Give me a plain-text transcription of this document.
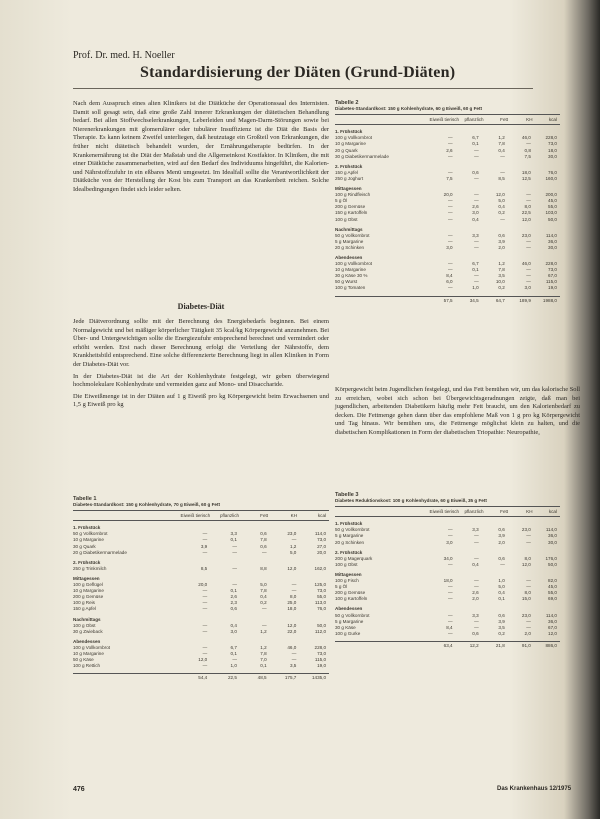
Prof. Dr. med. H. Noeller
Standardisierung der Diäten (Grund-Diäten)

Nach dem Ausspruch eines alten Klinikers ist die Diätküche der Operationssaal des Internisten. Damit soll gesagt sein, daß eine große Zahl innerer Erkrankungen der diätetischen Behandlung bedarf. Bei allen Stoffwechselerkrankungen, Leberleiden und Magen-Darm-Störungen sowie bei Nierenerkrankungen mit glomerulärer oder tubulärer Insuffizienz ist die Diät die Basis der Therapie. Es kann keinem Zweifel unterliegen, daß heutzutage ein Großteil von Erkrankungen, die früher nicht diätetisch behandelt wurden, der Ernährungstherapie bedürfen. In der Krankenernährung ist die Diät der Maßstab und die Allgemeinkost Kostfaktor. In Kliniken, die mit einer Diätküche zusammenarbeiten, wird auf den Bedarf des Individuums hingeführt, die Kalorien- und Nährstoffzufuhr in ein eßbares Menü umgesetzt. Im Idealfall sollte die Verantwortlichkeit der Diätküche von der Herstellung der Kost bis zum Transport an das Krankenbett reichen. Solche Idealbedingungen findet sich leider selten.

Diabetes-Diät

Jede Diätverordnung sollte mit der Berechnung des Energiebedarfs beginnen. Bei einem Normalgewicht und bei mäßiger körperlicher Tätigkeit 35 kcal/kg Körpergewicht anzunehmen. Bei Über- und Untergewichtigen sollte die Energiezufuhr entsprechend berechnet und vermindert oder erhöht werden. Erst nach dieser Berechnung erfolgt die Verteilung der Nährstoffe, dem Krankheitsbild entsprechend. Eine solche differenzierte Berechnung liegt in allen Kliniken in Form der Diabetes-Diät vor.

In der Diabetes-Diät ist die Art der Kohlenhydrate festgelegt, wir geben überwiegend hochmolekulare Kohlenhydrate und vermeiden ganz auf Mono- und Disaccharide.

Die Eiweißmenge ist in der Diäten auf 1 g Eiweiß pro kg Körpergewicht beim Erwachsenen und 1,5 g Eiweiß pro kg

Körpergewicht beim Jugendlichen festgelegt, und das Fett bemühen wir, um das kalorische Soll zu erreichen, wobei sich schon bei Übergewichtsgeradnungen zeigte, daß man bei jugendlichen, arbeitenden Diabetikern häufig mehr Fett braucht, um den Kalorienbedarf zu decken. Die Fettmenge gehen dann über das empfohlene Maß von 1 g pro kg Körpergewicht und Tag hinaus. Wir bemühen uns, die Fettmenge möglichst klein zu halten, und die diabetischen Komplikationen in Form der diabetischen Triopathie: Neuropathie,
Tabelle 2
Diabetes-Standardkost: 150 g Kohlenhydrate, 60 g Eiweiß, 60 g Fett
Eiweiß tierisch	pflanzlich	Fett	KH	kcal
1. Frühstück
100 g Vollkornbrot	—	6,7	1,2	46,0	228,0
10 g Margarine	—	0,1	7,8	—	73,0
20 g Quark	2,6	—	0,4	0,8	18,0
30 g Diabetikermarmelade	—	—	—	7,5	30,0
2. Frühstück
150 g Apfel	—	0,6	—	18,0	76,0
250 g Joghurt	7,5	—	8,5	12,5	160,0
Mittagessen
100 g Rindfleisch	20,0	—	12,0	—	200,0
5 g Öl	—	—	5,0	—	45,0
200 g Gemüse	—	2,6	0,4	8,0	55,0
150 g Kartoffeln	—	3,0	0,2	22,5	103,0
100 g Obst	—	0,4	—	12,0	50,0
Nachmittags
50 g Vollkornbrot	—	3,3	0,6	23,0	114,0
5 g Margarine	—	—	3,9	—	36,0
20 g Schinken	3,0	—	2,0	—	30,0
Abendessen
100 g Vollkornbrot	—	6,7	1,2	46,0	228,0
10 g Margarine	—	0,1	7,8	—	73,0
30 g Käse 30 %	8,4	—	3,5	—	67,0
50 g Wurst	6,0	—	10,0	—	115,0
100 g Tomaten	—	1,0	0,2	3,0	19,0
57,5	34,5	64,7	189,9	1988,0
Tabelle 1
Diabetes-Standardkost: 150 g Kohlenhydrate, 70 g Eiweiß, 60 g Fett
Eiweiß tierisch	pflanzlich	Fett	KH	kcal
1. Frühstück
50 g Vollkornbrot	—	3,3	0,6	23,0	114,0
10 g Margarine	—	0,1	7,8	—	73,0
30 g Quark	3,9	—	0,6	1,2	27,0
20 g Diabetikermarmelade	—	—	—	5,0	20,0
2. Frühstück
250 g Trinkmilch	8,5	—	8,8	12,0	162,0
Mittagessen
100 g Geflügel	20,0	—	5,0	—	125,0
10 g Margarine	—	0,1	7,8	—	73,0
200 g Gemüse	—	2,6	0,4	8,0	55,0
100 g Reis	—	2,3	0,2	25,0	113,0
150 g Apfel	—	0,6	—	18,0	76,0
Nachmittags
100 g Obst	—	0,4	—	12,0	50,0
30 g Zwieback	—	3,0	1,2	22,0	112,0
Abendessen
100 g Vollkornbrot	—	6,7	1,2	46,0	228,0
10 g Margarine	—	0,1	7,8	—	73,0
50 g Käse	12,0	—	7,0	—	115,0
100 g Rettich	—	1,0	0,1	3,5	19,0
54,4	22,5	48,5	175,7	1435,0
Tabelle 3
Diabetes Reduktionskost: 100 g Kohlenhydrate, 60 g Eiweiß, 35 g Fett
Eiweiß tierisch	pflanzlich	Fett	KH	kcal
1. Frühstück
50 g Vollkornbrot	—	3,3	0,6	23,0	114,0
5 g Margarine	—	—	3,9	—	36,0
20 g Schinken	3,0	—	2,0	—	30,0
2. Frühstück
200 g Magerquark	34,0	—	0,6	8,0	176,0
100 g Obst	—	0,4	—	12,0	50,0
Mittagessen
100 g Fisch	18,0	—	1,0	—	82,0
5 g Öl	—	—	5,0	—	45,0
200 g Gemüse	—	2,6	0,4	8,0	55,0
100 g Kartoffeln	—	2,0	0,1	15,0	69,0
Abendessen
50 g Vollkornbrot	—	3,3	0,6	23,0	114,0
5 g Margarine	—	—	3,9	—	36,0
30 g Käse	8,4	—	3,5	—	67,0
100 g Gurke	—	0,6	0,2	2,0	12,0
63,4	12,2	21,8	91,0	886,0
476	Das Krankenhaus 12/1975
